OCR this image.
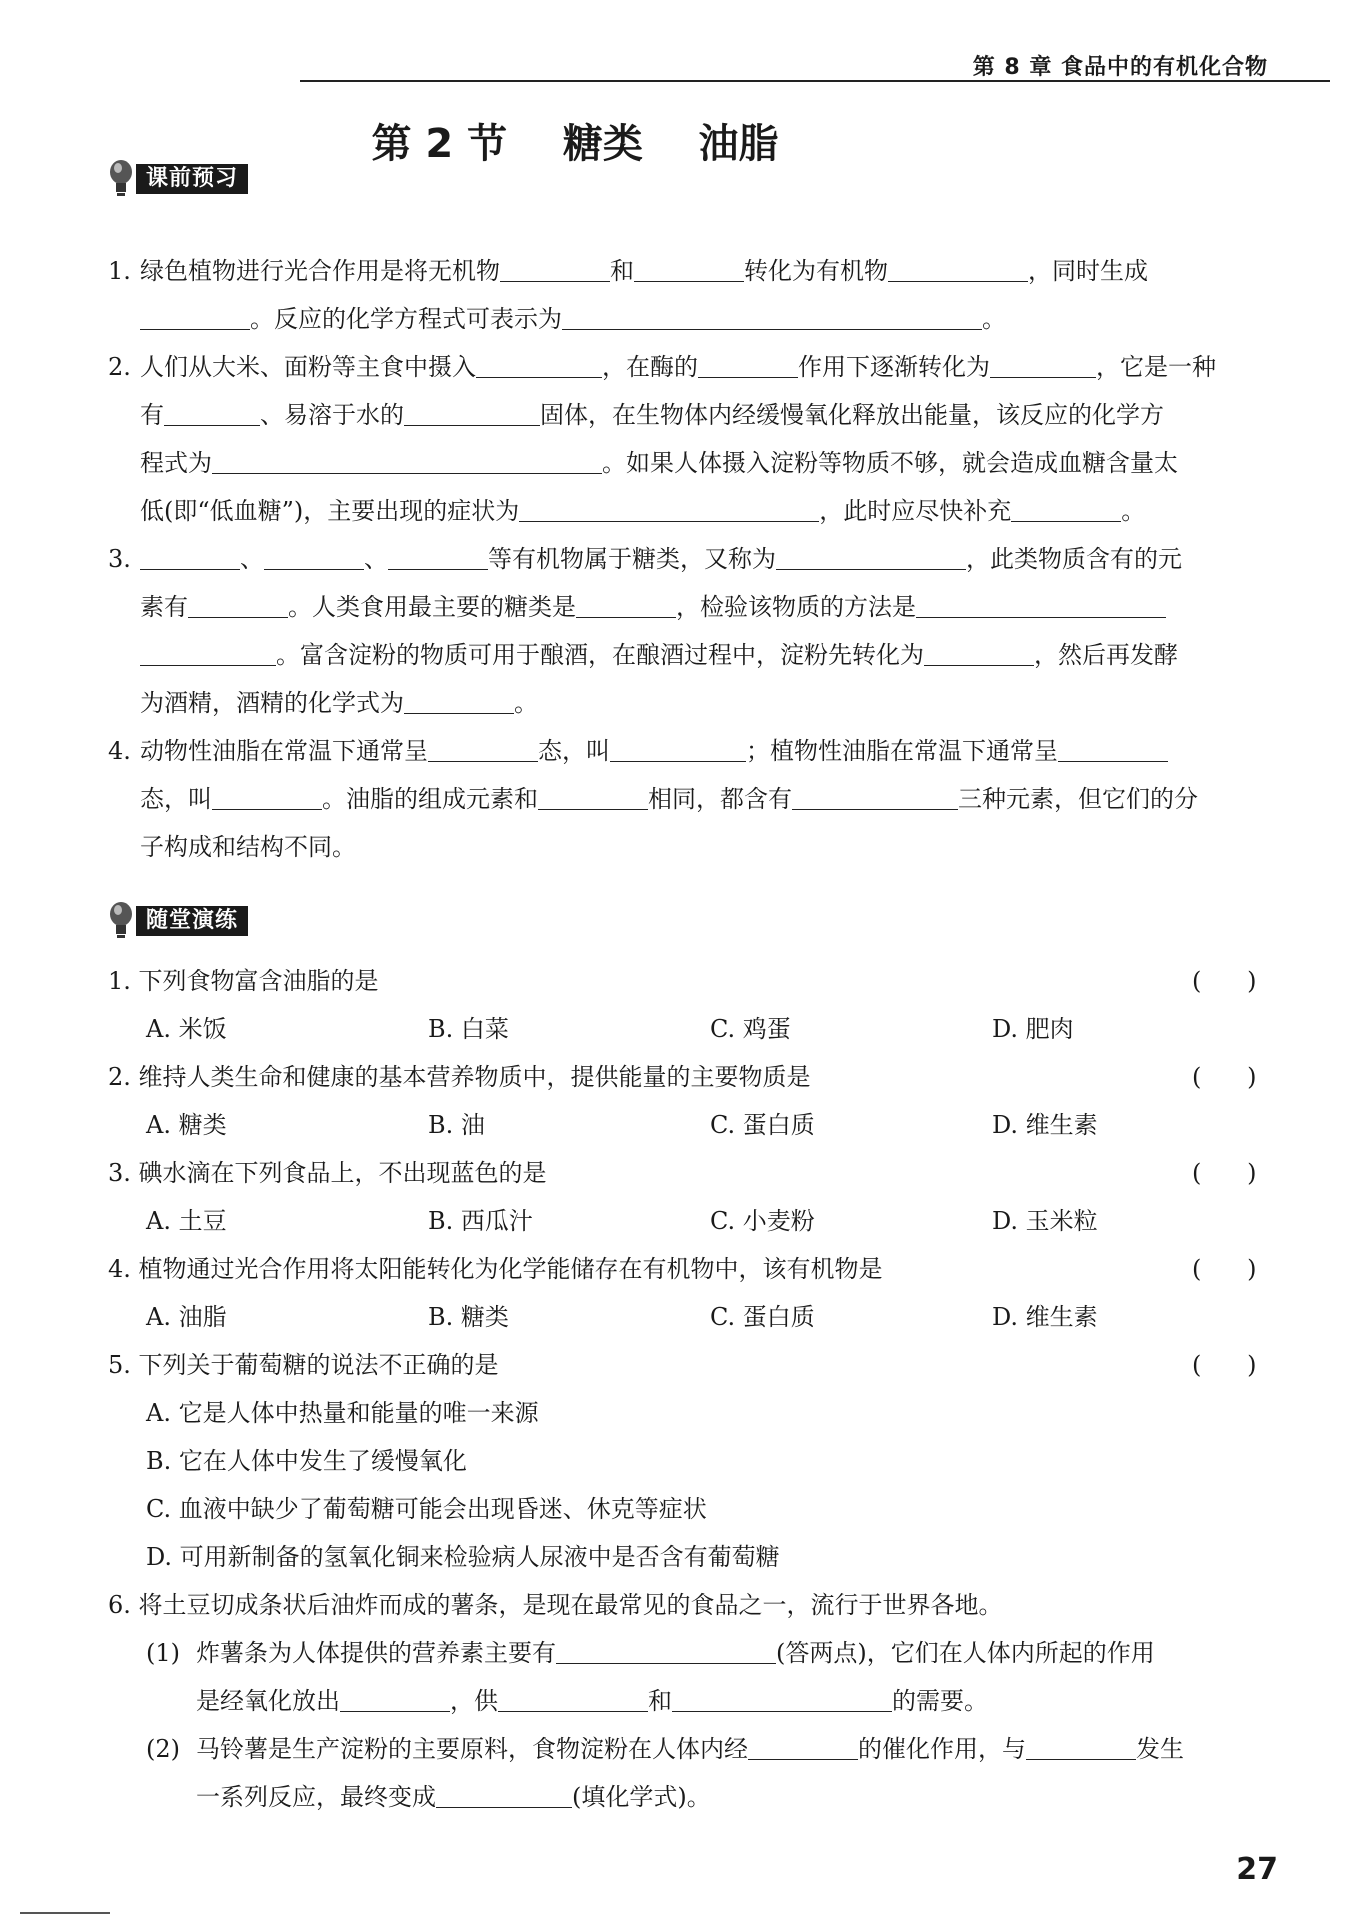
第 8 章 食品中的有机化合物
第 2 节    糖类    油脂
课前预习
1. 绿色植物进行光合作用是将无机物	和	转化为有机物	，同时生成
。反应的化学方程式可表示为	。
2. 人们从大米、面粉等主食中摄入	，在酶的	作用下逐渐转化为	，它是一种
有	、易溶于水的	固体，在生物体内经缓慢氧化释放出能量，该反应的化学方
程式为	。如果人体摄入淀粉等物质不够，就会造成血糖含量太
低(即“低血糖”)，主要出现的症状为	，此时应尽快补充	。
3.	、	、	等有机物属于糖类，又称为	，此类物质含有的元
素有	。人类食用最主要的糖类是	，检验该物质的方法是
。富含淀粉的物质可用于酿酒，在酿酒过程中，淀粉先转化为	，然后再发酵
为酒精，酒精的化学式为	。
4. 动物性油脂在常温下通常呈	态，叫	；植物性油脂在常温下通常呈
态，叫	。油脂的组成元素和	相同，都含有	三种元素，但它们的分
子构成和结构不同。
随堂演练
1. 下列食物富含油脂的是	(      )
A. 米饭	B. 白菜	C. 鸡蛋	D. 肥肉
2. 维持人类生命和健康的基本营养物质中，提供能量的主要物质是	(      )
A. 糖类	B. 油	C. 蛋白质	D. 维生素
3. 碘水滴在下列食品上，不出现蓝色的是	(      )
A. 土豆	B. 西瓜汁	C. 小麦粉	D. 玉米粒
4. 植物通过光合作用将太阳能转化为化学能储存在有机物中，该有机物是	(      )
A. 油脂	B. 糖类	C. 蛋白质	D. 维生素
5. 下列关于葡萄糖的说法不正确的是	(      )
A. 它是人体中热量和能量的唯一来源
B. 它在人体中发生了缓慢氧化
C. 血液中缺少了葡萄糖可能会出现昏迷、休克等症状
D. 可用新制备的氢氧化铜来检验病人尿液中是否含有葡萄糖
6. 将土豆切成条状后油炸而成的薯条，是现在最常见的食品之一，流行于世界各地。
(1) 炸薯条为人体提供的营养素主要有	(答两点)，它们在人体内所起的作用
是经氧化放出	，供	和	的需要。
(2) 马铃薯是生产淀粉的主要原料，食物淀粉在人体内经	的催化作用，与	发生
一系列反应，最终变成	(填化学式)。
27
